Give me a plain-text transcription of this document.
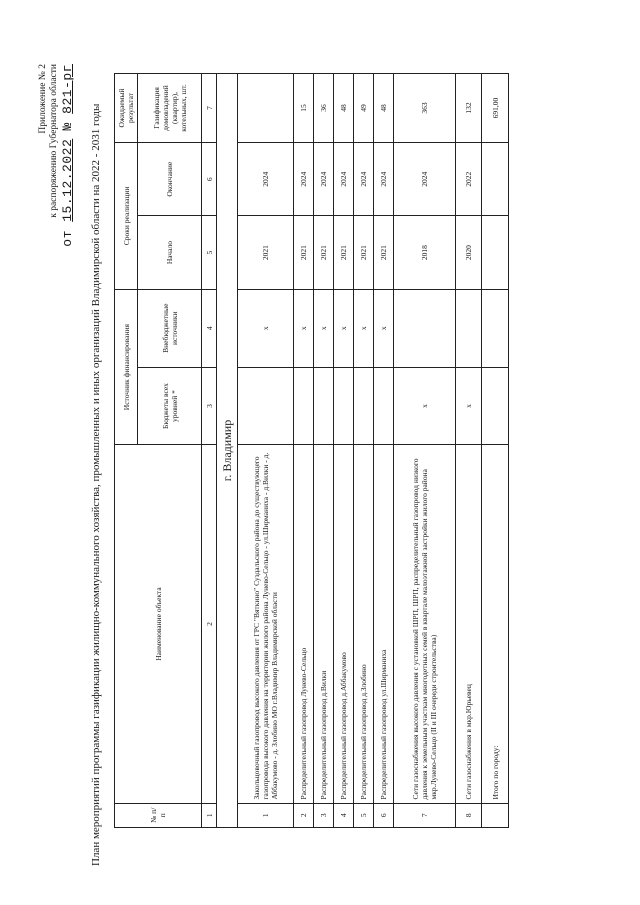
Приложение № 2 к распоряжению Губернатора области
от 15.12.2022 № 821-рг
План мероприятий программы газификации жилищно-коммунального хозяйства, промышленных и иных организаций Владимирской области на 2022 - 2031 годы	№ п/п	Наименование объекта	Источник финансирования		Сроки реализации		Ожидаемый результат
		Бюджеты всех уровней *	Внебюджетные источники	Начало	Окончание	Газификация домовладений (квартир), котельных, шт.
1	2	3	4	5	6	7
г. Владимир						
1	Закольцовочный газопровод высокого давления от ГРС "Вяткино" Суздальского района до существующего газопровода высокого давления на территории жилого района Лунево-Сельцо - ул.Ширманиха - д.Вилки - д. Аббакумово - д. Злобино МО г.Владимир Владимирской области		x	2021	2024	
2	Распределительный газопровод Лунево-Сельцо		x	2021	2024	15
3	Распределительный газопровод д.Вилки		x	2021	2024	36
4	Распределительный газопровод д.Аббакумово		x	2021	2024	48
5	Распределительный газопровод д.Злобино		x	2021	2024	49
6	Распределительный газопровод ул.Ширманиха		x	2021	2024	48
7	Сети газоснабжения высокого давления с установкой ШРП, ШРП, распределительный газопровод низкого давления к земельным участкам многодетных семей в квартале малоэтажной застройки жилого района мкр.Лунево-Сельцо (II и III очереди строительства)	x		2018	2024	363
8	Сети газоснабжения в мкр.Юрьевец	x		2020	2022	132
	Итого по городу:					691,00
